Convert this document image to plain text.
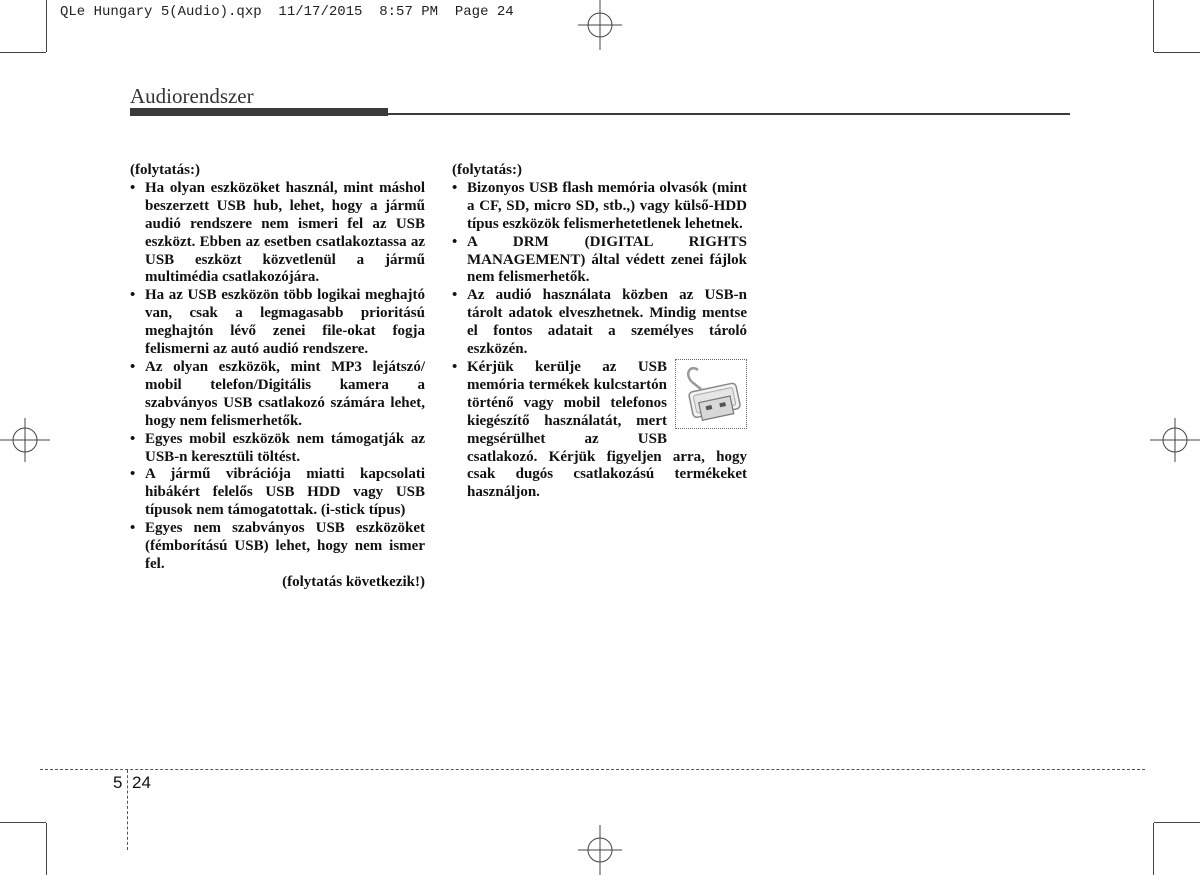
QLe Hungary 5(Audio).qxp  11/17/2015  8:57 PM  Page 24
Audiorendszer

(folytatás:)

• Ha olyan eszközöket használ, mint máshol beszerzett USB hub, lehet, hogy a jármű audió rendszere nem ismeri fel az USB eszközt. Ebben az esetben csatlakoztassa az USB eszközt közvetlenül a jármű multimédia csatlakozójára.
• Ha az USB eszközön több logikai meghajtó van, csak a legmagasabb prioritású meghajtón lévő zenei file-okat fogja felismerni az autó audió rendszere.
• Az olyan eszközök, mint MP3 lejátszó/ mobil telefon/Digitális kamera a szabványos USB csatlakozó számára lehet, hogy nem felismerhetők.
• Egyes mobil eszközök nem támogatják az USB-n keresztüli töltést.
• A jármű vibrációja miatti kapcsolati hibákért felelős USB HDD vagy USB típusok nem támogatottak. (i-stick típus)
• Egyes nem szabványos USB eszközöket (fémborítású USB) lehet, hogy nem ismer fel.

(folytatás következik!)

(folytatás:)

• Bizonyos USB flash memória olvasók (mint a CF, SD, micro SD, stb.,) vagy külső-HDD típus eszközök felismerhetetlenek lehetnek.
• A DRM (DIGITAL RIGHTS MANAGEMENT) által védett zenei fájlok nem felismerhetők.
• Az audió használata közben az USB-n tárolt adatok elveszhetnek. Mindig mentse el fontos adatait a személyes tároló eszközén.
• Kérjük kerülje az USB memória termékek kulcstartón történő vagy mobil telefonos kiegészítő használatát, mert megsérülhet az USB csatlakozó. Kérjük figyeljen arra, hogy csak dugós csatlakozású termékeket használjon.
5 24
